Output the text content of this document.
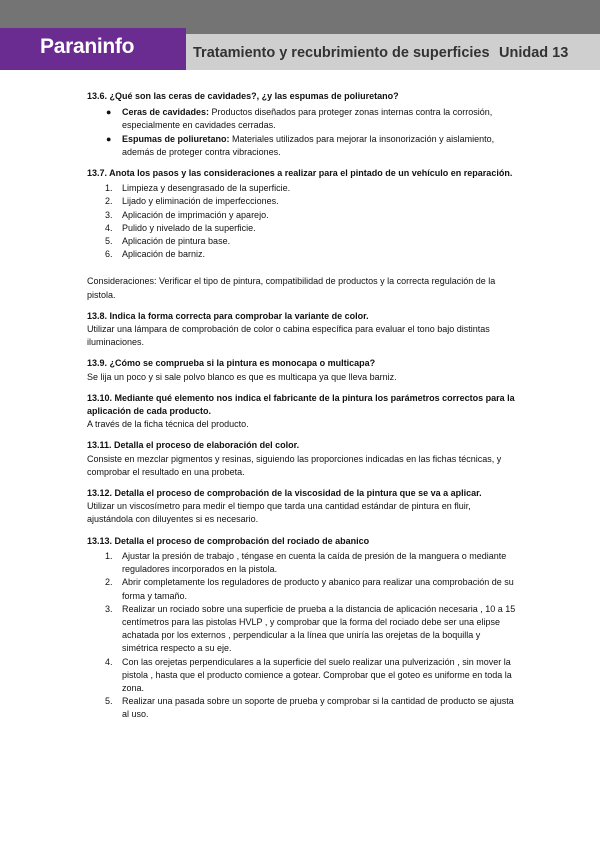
Paraninfo	Tratamiento y recubrimiento de superficies Unidad 13

13.6. ¿Qué son las ceras de cavidades?, ¿y las espumas de poliuretano?

● Ceras de cavidades: Productos diseñados para proteger zonas internas contra la corrosión, especialmente en cavidades cerradas.
● Espumas de poliuretano: Materiales utilizados para mejorar la insonorización y aislamiento, además de proteger contra vibraciones.

13.7. Anota los pasos y las consideraciones a realizar para el pintado de un vehículo en reparación.

1. Limpieza y desengrasado de la superficie.
2. Lijado y eliminación de imperfecciones.
3. Aplicación de imprimación y aparejo.
4. Pulido y nivelado de la superficie.
5. Aplicación de pintura base.
6. Aplicación de barniz.

Consideraciones: Verificar el tipo de pintura, compatibilidad de productos y la correcta regulación de la pistola.

13.8. Indica la forma correcta para comprobar la variante de color.

Utilizar una lámpara de comprobación de color o cabina específica para evaluar el tono bajo distintas iluminaciones.

13.9. ¿Cómo se comprueba si la pintura es monocapa o multicapa?

Se lija un poco y si sale polvo blanco es que es multicapa ya que lleva barniz.

13.10. Mediante qué elemento nos indica el fabricante de la pintura los parámetros correctos para la aplicación de cada producto.

A través de la ficha técnica del producto.

13.11. Detalla el proceso de elaboración del color.

Consiste en mezclar pigmentos y resinas, siguiendo las proporciones indicadas en las fichas técnicas, y comprobar el resultado en una probeta.

13.12. Detalla el proceso de comprobación de la viscosidad de la pintura que se va a aplicar.

Utilizar un viscosímetro para medir el tiempo que tarda una cantidad estándar de pintura en fluir, ajustándola con diluyentes si es necesario.

13.13. Detalla el proceso de comprobación del rociado de abanico

1. Ajustar la presión de trabajo , téngase en cuenta la caída de presión de la manguera o mediante reguladores incorporados en la pistola.
2. Abrir completamente los reguladores de producto y abanico para realizar una comprobación de su forma y tamaño.
3. Realizar un rociado sobre una superficie de prueba a la distancia de aplicación necesaria , 10 a 15 centímetros para las pistolas HVLP , y comprobar que la forma del rociado debe ser una elipse achatada por los externos , perpendicular a la línea que uniría las orejetas de la boquilla y simétrica respecto a su eje.
4. Con las orejetas perpendiculares a la superficie del suelo realizar una pulverización , sin mover la pistola , hasta que el producto comience a gotear. Comprobar que el goteo es uniforme en toda la zona.
5. Realizar una pasada sobre un soporte de prueba y comprobar si la cantidad de producto se ajusta al uso.
